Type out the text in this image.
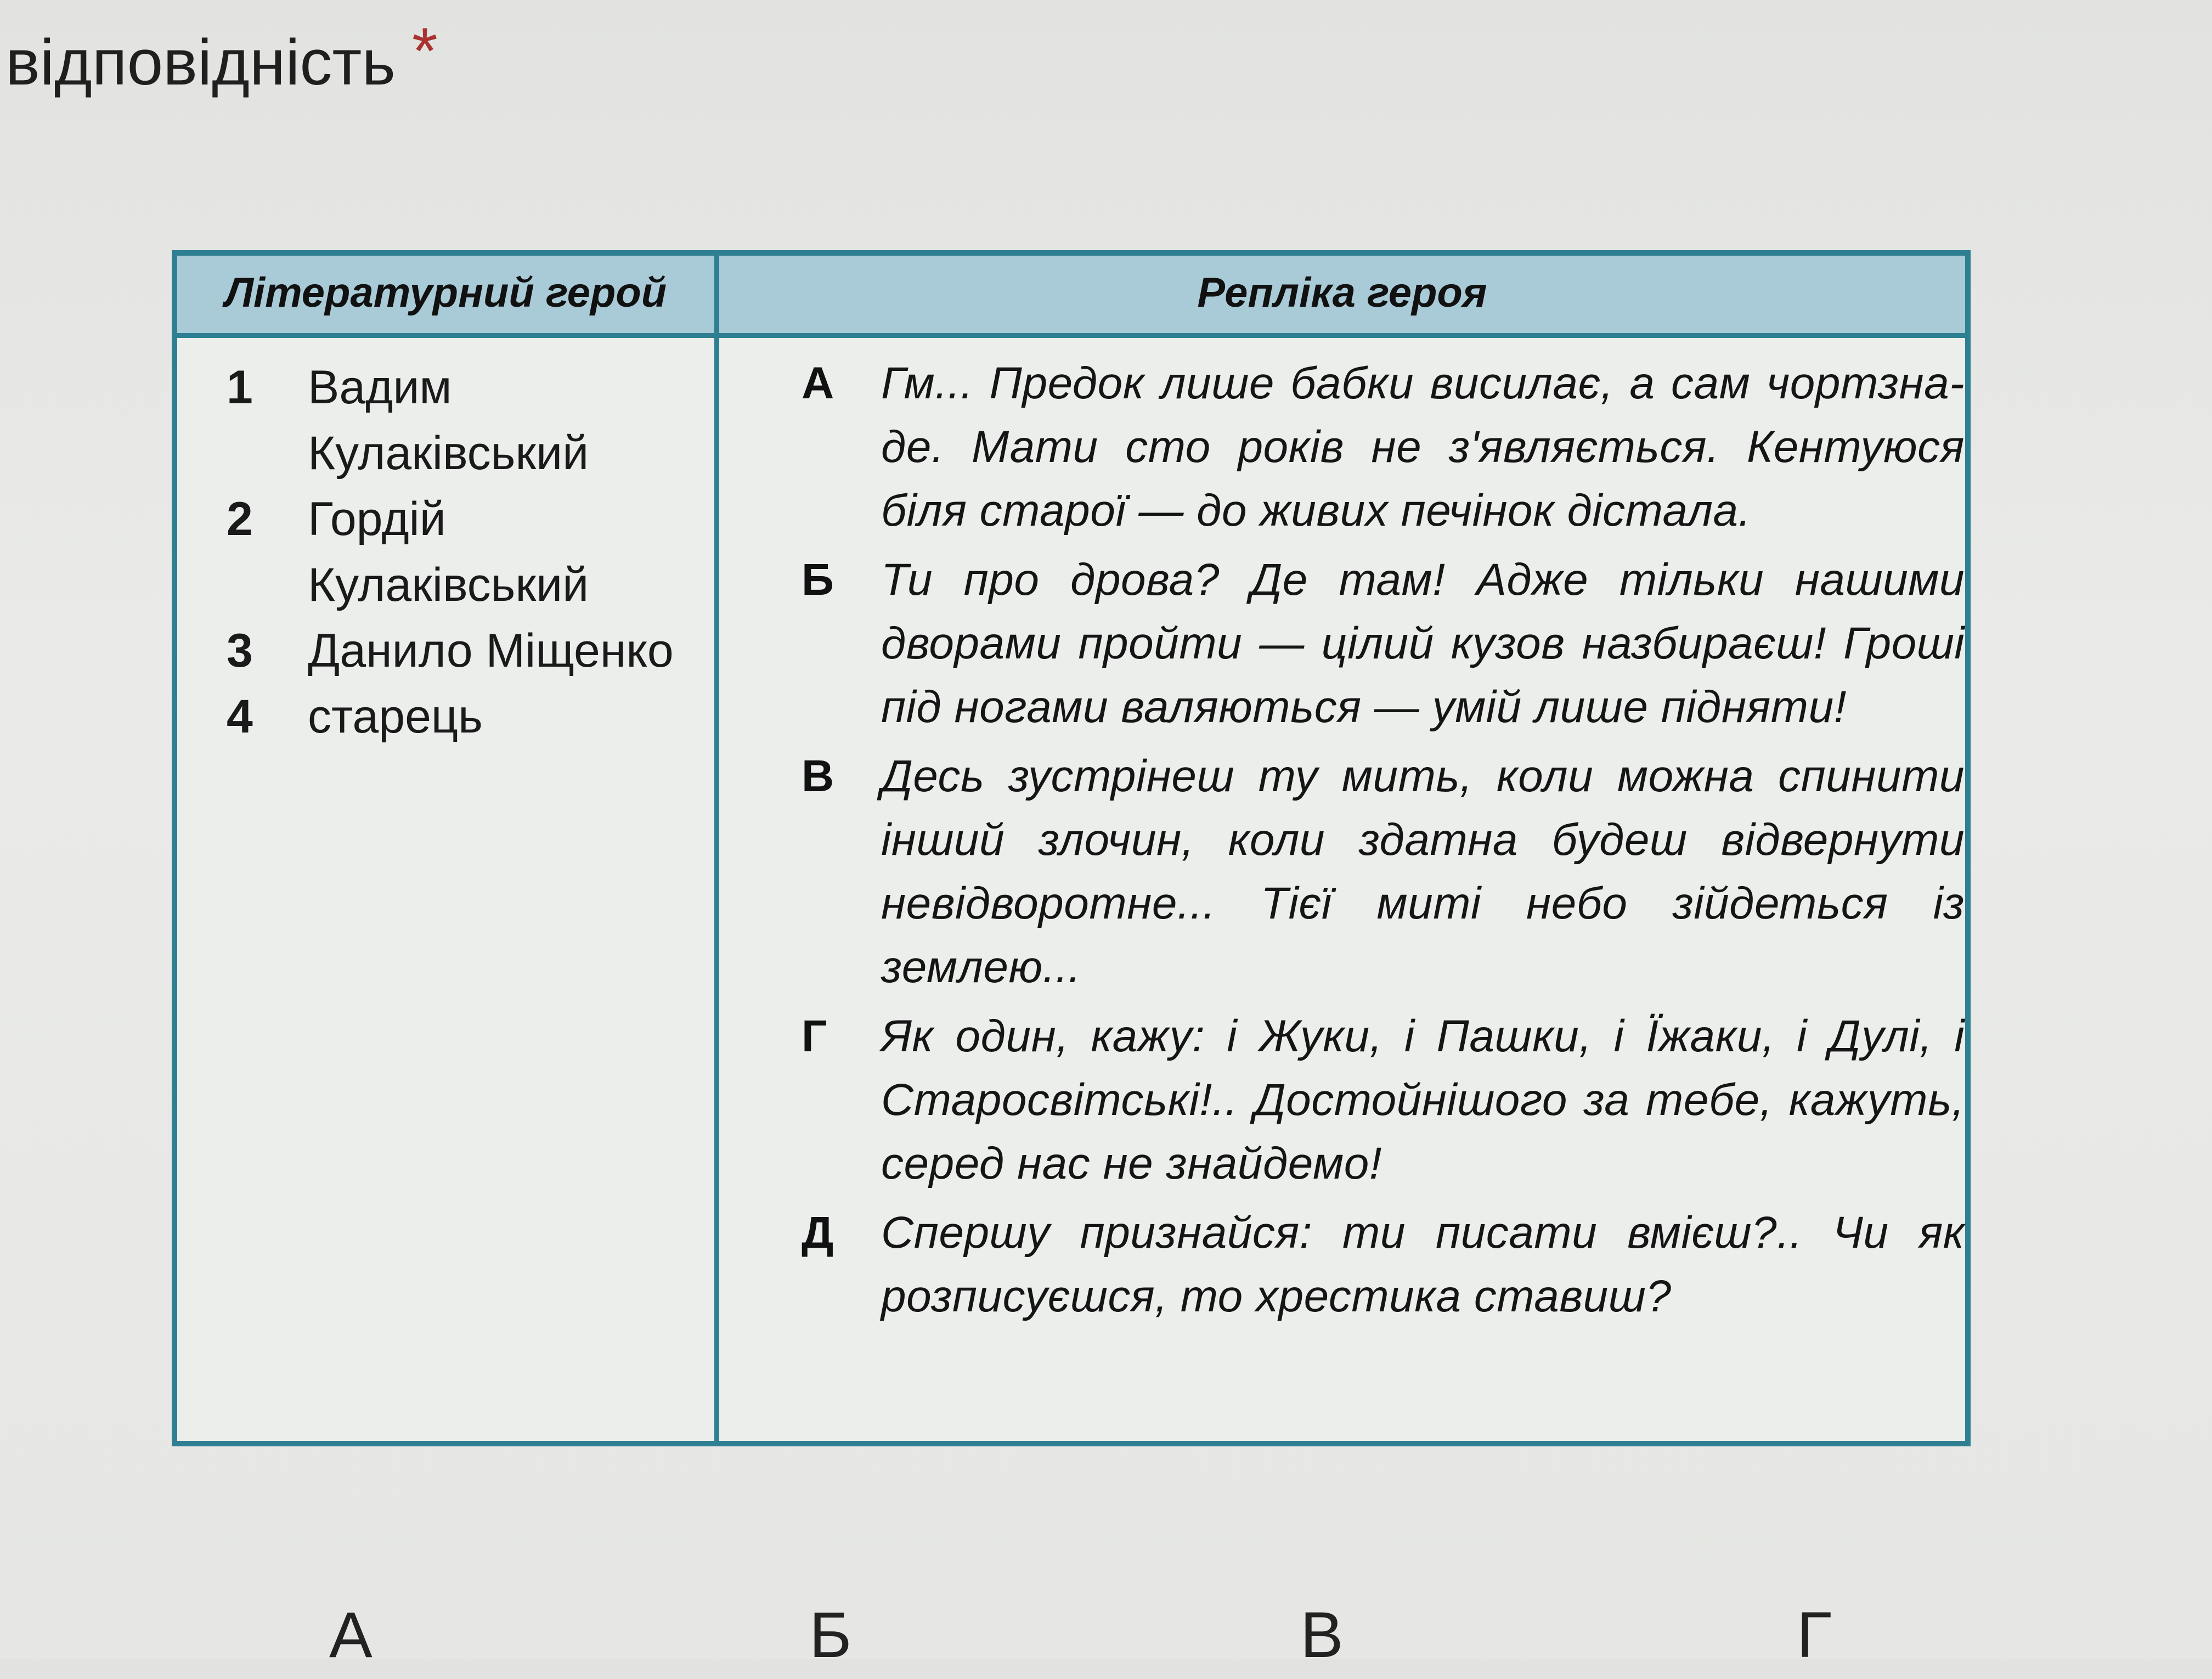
відповідність *
Літературний герой	Репліка героя
1	Вадим Кулаківський
2	Гордій Кулаківський
3	Данило Міщенко
4	старець
А	Гм... Предок лише бабки висилає, а сам чортзна-де. Мати сто років не з'являється. Кентуюся біля старої — до живих печінок дістала.
Б	Ти про дрова? Де там! Адже тільки нашими дворами пройти — цілий кузов назбираєш! Гроші під ногами валяються — умій лише підняти!
В	Десь зустрінеш ту мить, коли можна спинити інший злочин, коли здатна будеш відвернути невідворотне... Тієї миті небо зійдеться із землею...
Г	Як один, кажу: і Жуки, і Пашки, і Їжаки, і Дулі, і Старосвітські!.. Достойнішого за тебе, кажуть, серед нас не знайдемо!
Д	Спершу признайся: ти писати вмієш?.. Чи як розписуєшся, то хрестика ставиш?
А	Б	В	Г
